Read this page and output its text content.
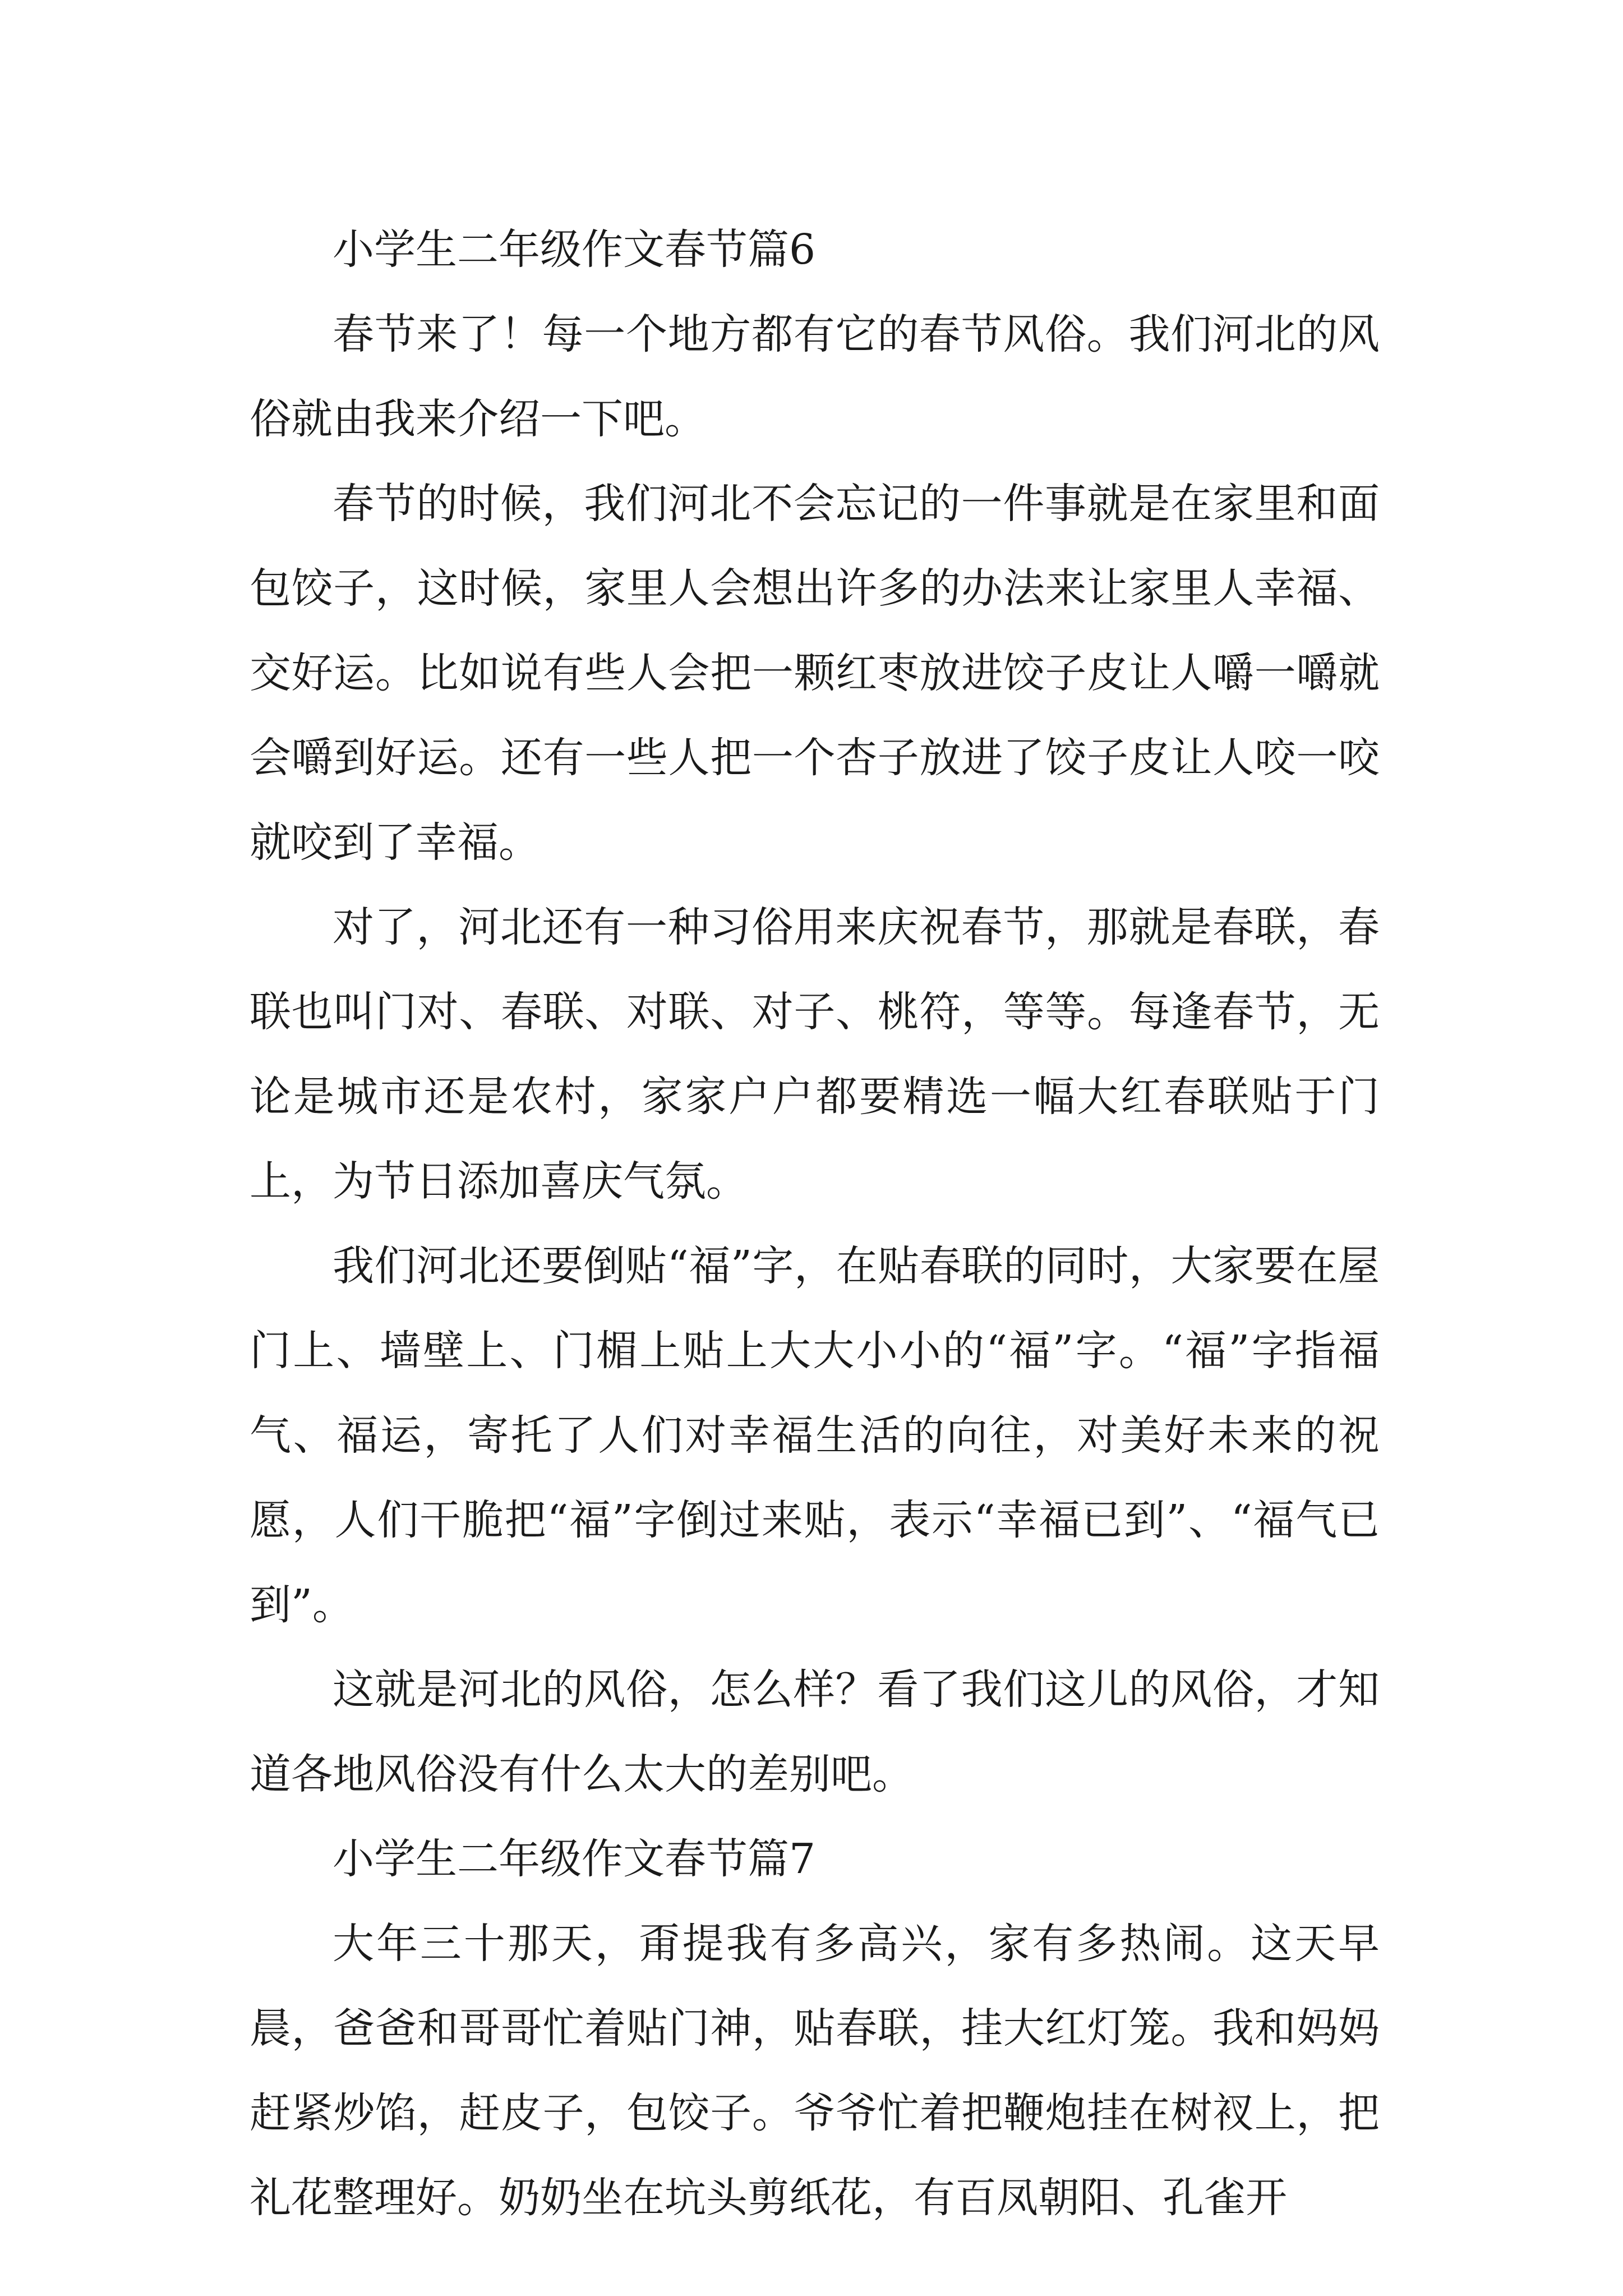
小学生二年级作文春节篇6

春节来了！每一个地方都有它的春节风俗。我们河北的风俗就由我来介绍一下吧。

春节的时候，我们河北不会忘记的一件事就是在家里和面包饺子，这时候，家里人会想出许多的办法来让家里人幸福、交好运。比如说有些人会把一颗红枣放进饺子皮让人嚼一嚼就会嚼到好运。还有一些人把一个杏子放进了饺子皮让人咬一咬就咬到了幸福。

对了，河北还有一种习俗用来庆祝春节，那就是春联，春联也叫门对、春联、对联、对子、桃符，等等。每逢春节，无论是城市还是农村，家家户户都要精选一幅大红春联贴于门上，为节日添加喜庆气氛。

我们河北还要倒贴“福”字，在贴春联的同时，大家要在屋门上、墙壁上、门楣上贴上大大小小的“福”字。“福”字指福气、福运，寄托了人们对幸福生活的向往，对美好未来的祝愿，人们干脆把“福”字倒过来贴，表示“幸福已到”、“福气已到”。

这就是河北的风俗，怎么样？看了我们这儿的风俗，才知道各地风俗没有什么太大的差别吧。

小学生二年级作文春节篇7

大年三十那天，甭提我有多高兴，家有多热闹。这天早晨，爸爸和哥哥忙着贴门神，贴春联，挂大红灯笼。我和妈妈赶紧炒馅，赶皮子，包饺子。爷爷忙着把鞭炮挂在树衩上，把礼花整理好。奶奶坐在坑头剪纸花，有百凤朝阳、孔雀开
